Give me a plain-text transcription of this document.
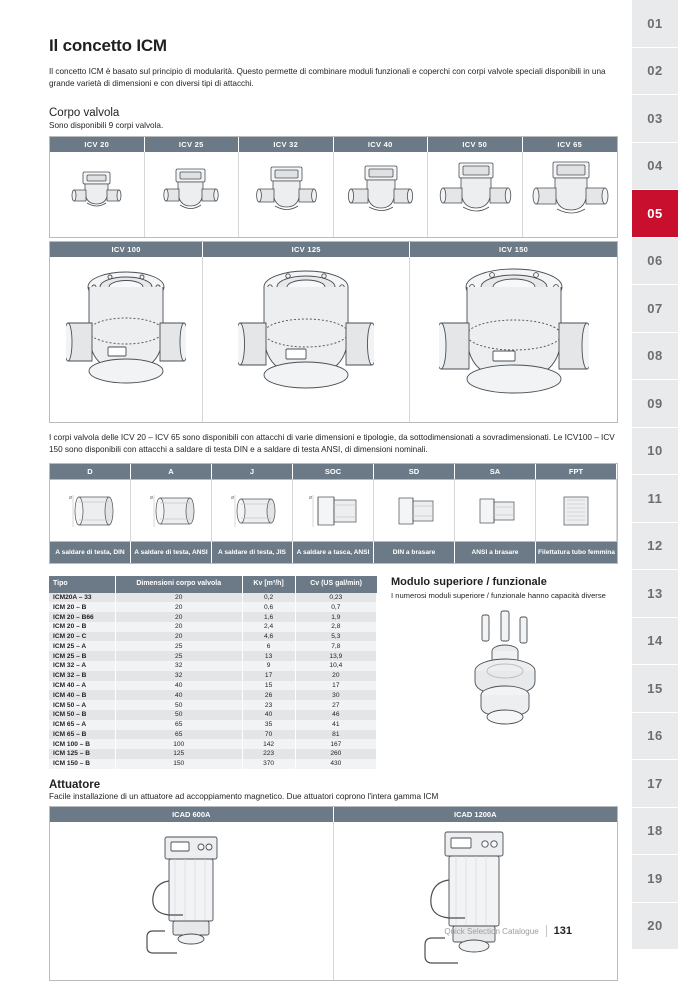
Il concetto ICM

Il concetto ICM è basato sul principio di modularità. Questo permette di combinare moduli funzionali e coperchi con corpi valvole speciali disponibili in una grande varietà di dimensioni e con diversi tipi di attacchi.

Corpo valvola

Sono disponibili 9 corpi valvola.

ICV 20	ICV 25	ICV 32	ICV 40	ICV 50	ICV 65
ICV 100	ICV 125	ICV 150

I corpi valvola delle ICV 20 – ICV 65 sono disponibili con attacchi di varie dimensioni e tipologie, da sottodimensionati a sovradimensionati. Le ICV100 – ICV 150 sono disponibili con attacchi a saldare di testa DIN e a saldare di testa ANSI, di dimensioni nominali.

D	A	J	SOC	SD	SA	FPT
ø	ø	ø	ø
A saldare di testa, DIN	A saldare di testa, ANSI	A saldare di testa, JIS	A saldare a tasca, ANSI	DIN a brasare	ANSI a brasare	Filettatura tubo femmina
Tipo	Dimensioni corpo valvola	Kv [m³/h]	Cv (US gal/min)
ICM20A – 33	20	0,2	0,23
ICM 20 – B	20	0,6	0,7
ICM 20 – B66	20	1,6	1,9
ICM 20 – B	20	2,4	2,8
ICM 20 – C	20	4,6	5,3
ICM 25 – A	25	6	7,8
ICM 25 – B	25	13	13,9
ICM 32 – A	32	9	10,4
ICM 32 – B	32	17	20
ICM 40 – A	40	15	17
ICM 40 – B	40	26	30
ICM 50 – A	50	23	27
ICM 50 – B	50	40	46
ICM 65 – A	65	35	41
ICM 65 – B	65	70	81
ICM 100 – B	100	142	167
ICM 125 – B	125	223	260
ICM 150 – B	150	370	430
Modulo superiore / funzionale

I numerosi moduli superiore / funzionale hanno capacità diverse

Attuatore

Facile installazione di un attuatore ad accoppiamento magnetico. Due attuatori coprono l'intera gamma ICM

ICAD 600A	ICAD 1200A
Quick Selection Catalogue	131
01
02
03
04
05
06
07
08
09
10
11
12
13
14
15
16
17
18
19
20
